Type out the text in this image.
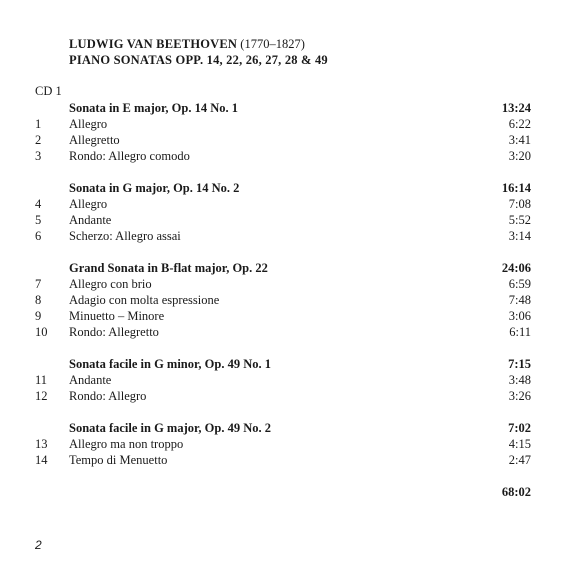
LUDWIG VAN BEETHOVEN (1770–1827)
PIANO SONATAS OPP. 14, 22, 26, 27, 28 & 49
CD 1
Sonata in E major, Op. 14 No. 1	13:24
1 Allegro	6:22
2 Allegretto	3:41
3 Rondo: Allegro comodo	3:20
Sonata in G major, Op. 14 No. 2	16:14
4 Allegro	7:08
5 Andante	5:52
6 Scherzo: Allegro assai	3:14
Grand Sonata in B-flat major, Op. 22	24:06
7 Allegro con brio	6:59
8 Adagio con molta espressione	7:48
9 Minuetto – Minore	3:06
10 Rondo: Allegretto	6:11
Sonata facile in G minor, Op. 49 No. 1	7:15
11 Andante	3:48
12 Rondo: Allegro	3:26
Sonata facile in G major, Op. 49 No. 2	7:02
13 Allegro ma non troppo	4:15
14 Tempo di Menuetto	2:47
68:02
2
